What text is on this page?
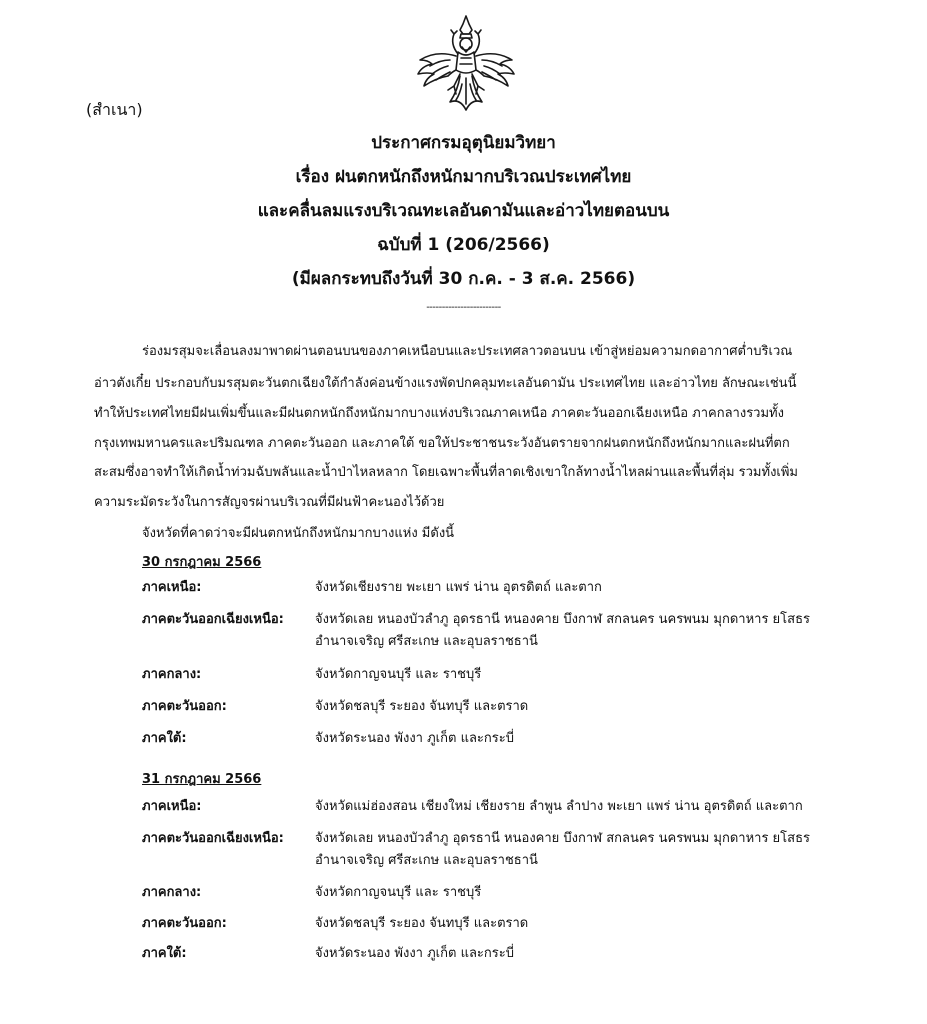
(สำเนา)
ประกาศกรมอุตุนิยมวิทยา
เรื่อง ฝนตกหนักถึงหนักมากบริเวณประเทศไทย
และคลื่นลมแรงบริเวณทะเลอันดามันและอ่าวไทยตอนบน
ฉบับที่ 1 (206/2566)
(มีผลกระทบถึงวันที่ 30 ก.ค. - 3 ส.ค. 2566)
------------------------
ร่องมรสุมจะเลื่อนลงมาพาดผ่านตอนบนของภาคเหนือบนและประเทศลาวตอนบน เข้าสู่หย่อมความกดอากาศต่ำบริเวณ
อ่าวตังเกี๋ย ประกอบกับมรสุมตะวันตกเฉียงใต้กำลังค่อนข้างแรงพัดปกคลุมทะเลอันดามัน ประเทศไทย และอ่าวไทย ลักษณะเช่นนี้
ทำให้ประเทศไทยมีฝนเพิ่มขึ้นและมีฝนตกหนักถึงหนักมากบางแห่งบริเวณภาคเหนือ ภาคตะวันออกเฉียงเหนือ ภาคกลางรวมทั้ง
กรุงเทพมหานครและปริมณฑล ภาคตะวันออก และภาคใต้ ขอให้ประชาชนระวังอันตรายจากฝนตกหนักถึงหนักมากและฝนที่ตก
สะสมซึ่งอาจทำให้เกิดน้ำท่วมฉับพลันและน้ำป่าไหลหลาก โดยเฉพาะพื้นที่ลาดเชิงเขาใกล้ทางน้ำไหลผ่านและพื้นที่ลุ่ม รวมทั้งเพิ่ม
ความระมัดระวังในการสัญจรผ่านบริเวณที่มีฝนฟ้าคะนองไว้ด้วย
จังหวัดที่คาดว่าจะมีฝนตกหนักถึงหนักมากบางแห่ง มีดังนี้
30 กรกฎาคม 2566
ภาคเหนือ:	จังหวัดเชียงราย พะเยา แพร่ น่าน อุตรดิตถ์ และตาก
ภาคตะวันออกเฉียงเหนือ: จังหวัดเลย หนองบัวลำภู อุดรธานี หนองคาย บึงกาฬ สกลนคร นครพนม มุกดาหาร ยโสธร
อำนาจเจริญ ศรีสะเกษ และอุบลราชธานี
ภาคกลาง:	จังหวัดกาญจนบุรี และ ราชบุรี
ภาคตะวันออก:	จังหวัดชลบุรี ระยอง จันทบุรี และตราด
ภาคใต้:	จังหวัดระนอง พังงา ภูเก็ต และกระบี่
31 กรกฎาคม 2566
ภาคเหนือ:	จังหวัดแม่ฮ่องสอน เชียงใหม่ เชียงราย ลำพูน ลำปาง พะเยา แพร่ น่าน อุตรดิตถ์ และตาก
ภาคตะวันออกเฉียงเหนือ: จังหวัดเลย หนองบัวลำภู อุดรธานี หนองคาย บึงกาฬ สกลนคร นครพนม มุกดาหาร ยโสธร
อำนาจเจริญ ศรีสะเกษ และอุบลราชธานี
ภาคกลาง:	จังหวัดกาญจนบุรี และ ราชบุรี
ภาคตะวันออก:	จังหวัดชลบุรี ระยอง จันทบุรี และตราด
ภาคใต้:	จังหวัดระนอง พังงา ภูเก็ต และกระบี่
